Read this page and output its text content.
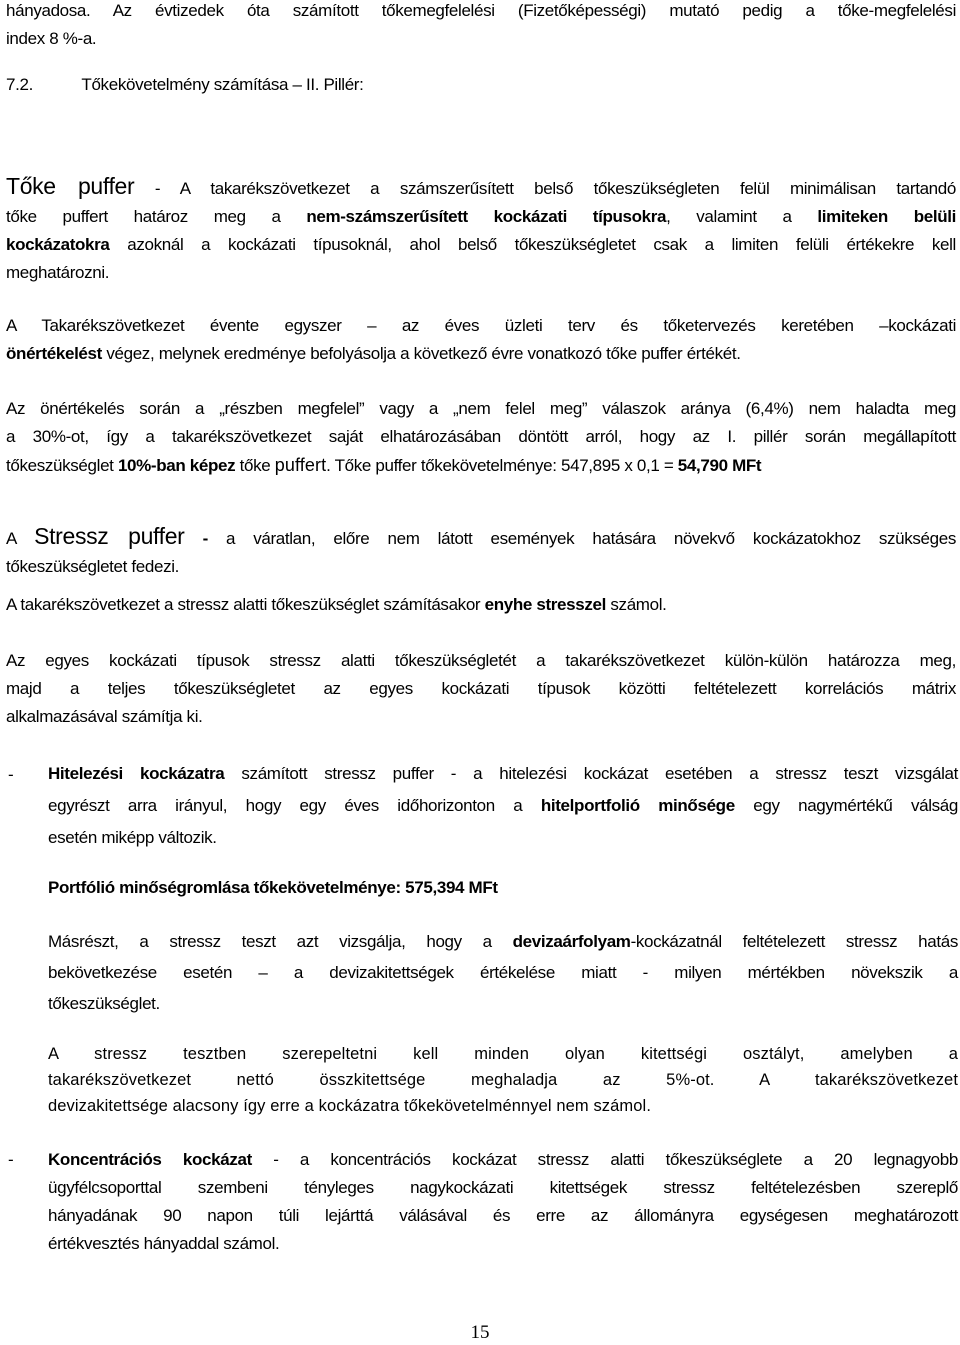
hányadosa. Az évtizedek óta számított tőkemegfelelési (Fizetőképességi) mutató pedig a tőke-megfelelési
index 8 %-a.
7.2.	Tőkekövetelmény számítása – II. Pillér:
Tőke puffer - A takarékszövetkezet a számszerűsített belső tőkeszükségleten felül minimálisan tartandó
tőke puffert határoz meg a nem-számszerűsített kockázati típusokra, valamint a limiteken belüli
kockázatokra azoknál a kockázati típusoknál, ahol belső tőkeszükségletet csak a limiten felüli értékekre kell
meghatározni.
A Takarékszövetkezet évente egyszer – az éves üzleti terv és tőketervezés keretében –kockázati
önértékelést végez, melynek eredménye befolyásolja a következő évre vonatkozó tőke puffer értékét.
Az önértékelés során a „részben megfelel” vagy a „nem felel meg” válaszok aránya (6,4%) nem haladta meg
a 30%-ot, így a takarékszövetkezet saját elhatározásában döntött arról, hogy az I. pillér során megállapított
tőkeszükséglet 10%-ban képez tőke puffert. Tőke puffer tőkekövetelménye: 547,895 x 0,1 = 54,790 MFt
A Stressz puffer - a váratlan, előre nem látott események hatására növekvő kockázatokhoz szükséges
tőkeszükségletet fedezi.
A takarékszövetkezet a stressz alatti tőkeszükséglet számításakor enyhe stresszel számol.
Az egyes kockázati típusok stressz alatti tőkeszükségletét a takarékszövetkezet külön-külön határozza meg,
majd a teljes tőkeszükségletet az egyes kockázati típusok közötti feltételezett korrelációs mátrix
alkalmazásával számítja ki.
- Hitelezési kockázatra számított stressz puffer - a hitelezési kockázat esetében a stressz teszt vizsgálat
egyrészt arra irányul, hogy egy éves időhorizonton a hitelportfolió minősége egy nagymértékű válság
esetén miképp változik.
Portfólió minőségromlása tőkekövetelménye: 575,394 MFt
Másrészt, a stressz teszt azt vizsgálja, hogy a devizaárfolyam-kockázatnál feltételezett stressz hatás
bekövetkezése esetén – a devizakitettségek értékelése miatt - milyen mértékben növekszik a
tőkeszükséglet.
A stressz tesztben szerepeltetni kell minden olyan kitettségi osztályt, amelyben a
takarékszövetkezet nettó összkitettsége meghaladja az 5%-ot. A takarékszövetkezet
devizakitettsége alacsony így erre a kockázatra tőkekövetelménnyel nem számol.
- Koncentrációs kockázat - a koncentrációs kockázat stressz alatti tőkeszükséglete a 20 legnagyobb
ügyfélcsoporttal szembeni tényleges nagykockázati kitettségek stressz feltételezésben szereplő
hányadának 90 napon túli lejárttá válásával és erre az állományra egységesen meghatározott
értékvesztés hányaddal számol.
15
